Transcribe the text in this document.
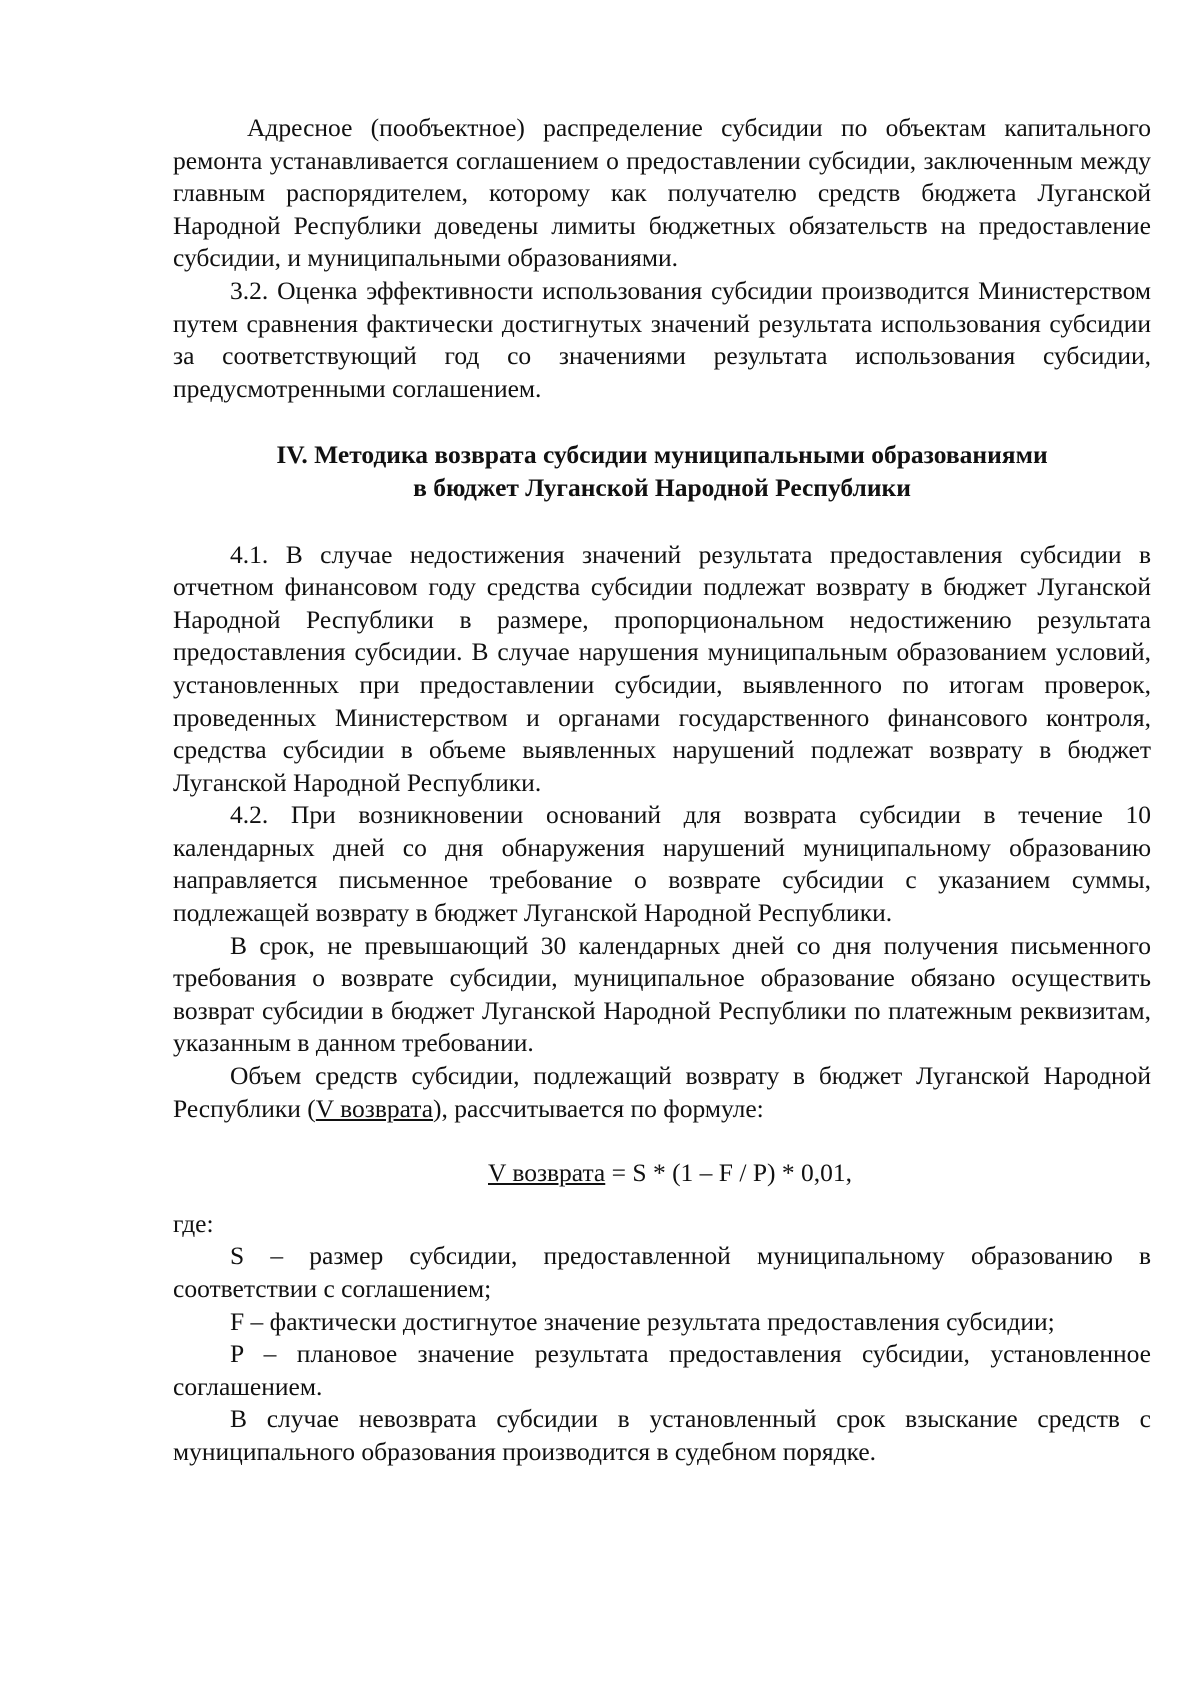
Адресное (пообъектное) распределение субсидии по объектам капитального ремонта устанавливается соглашением о предоставлении субсидии, заключенным между главным распорядителем, которому как получателю средств бюджета Луганской Народной Республики доведены лимиты бюджетных обязательств на предоставление субсидии, и муниципальными образованиями.

3.2. Оценка эффективности использования субсидии производится Министерством путем сравнения фактически достигнутых значений результата использования субсидии за соответствующий год со значениями результата использования субсидии, предусмотренными соглашением.

IV. Методика возврата субсидии муниципальными образованиями
в бюджет Луганской Народной Республики

4.1. В случае недостижения значений результата предоставления субсидии в отчетном финансовом году средства субсидии подлежат возврату в бюджет Луганской Народной Республики в размере, пропорциональном недостижению результата предоставления субсидии. В случае нарушения муниципальным образованием условий, установленных при предоставлении субсидии, выявленного по итогам проверок, проведенных Министерством и органами государственного финансового контроля, средства субсидии в объеме выявленных нарушений подлежат возврату в бюджет Луганской Народной Республики.

4.2. При возникновении оснований для возврата субсидии в течение 10 календарных дней со дня обнаружения нарушений муниципальному образованию направляется письменное требование о возврате субсидии с указанием суммы, подлежащей возврату в бюджет Луганской Народной Республики.

В срок, не превышающий 30 календарных дней со дня получения письменного требования о возврате субсидии, муниципальное образование обязано осуществить возврат субсидии в бюджет Луганской Народной Республики по платежным реквизитам, указанным в данном требовании.

Объем средств субсидии, подлежащий возврату в бюджет Луганской Народной Республики (V возврата), рассчитывается по формуле:

V возврата = S * (1 – F / P) * 0,01,

где:

S – размер субсидии, предоставленной муниципальному образованию в соответствии с соглашением;

F – фактически достигнутое значение результата предоставления субсидии;

P – плановое значение результата предоставления субсидии, установленное соглашением.

В случае невозврата субсидии в установленный срок взыскание средств с муниципального образования производится в судебном порядке.
